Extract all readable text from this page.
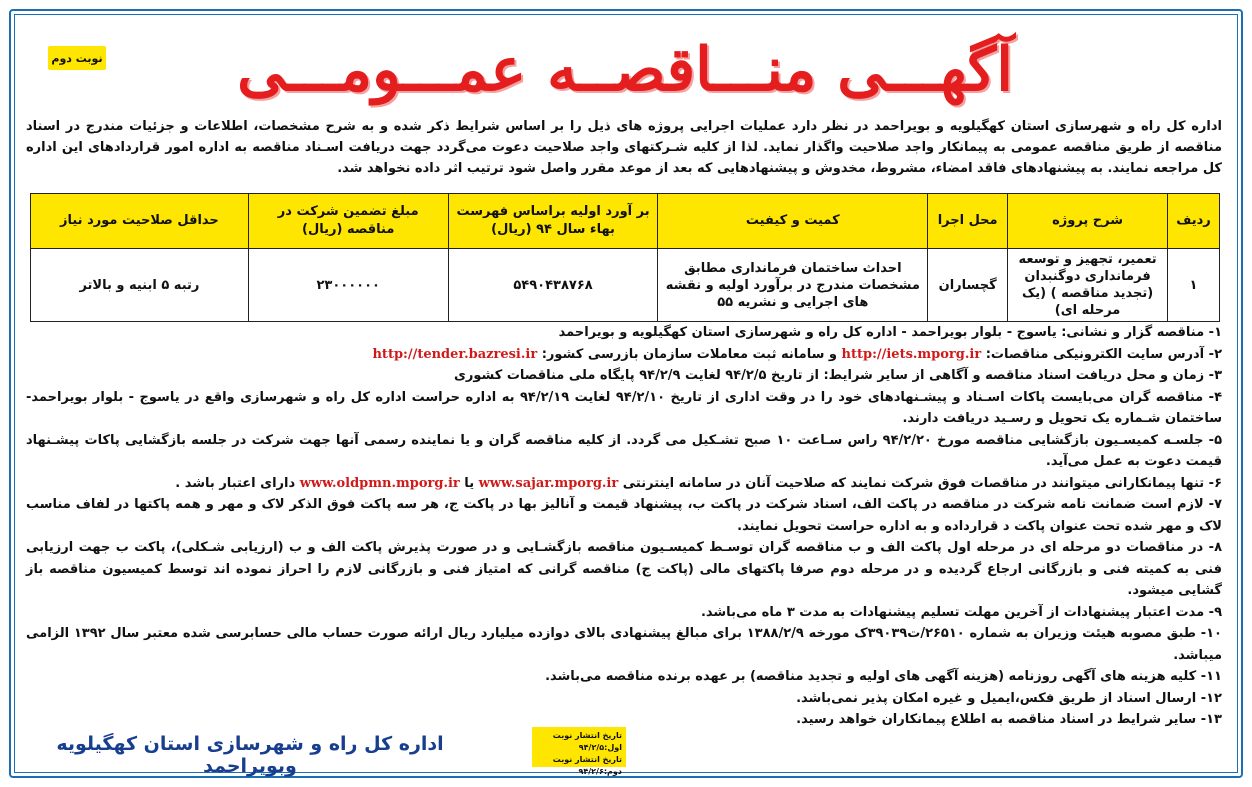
نوبت دوم	آگهـــی منـــاقصــه عمـــومـــی
اداره کل راه و شهرسازی استان کهگیلویه و بویراحمد در نظر دارد عملیات اجرایی پروژه های ذیل را بر اساس شرایط ذکر شده و به شرح مشخصات، اطلاعات و جزئیات مندرج در اسناد مناقصه از طریق مناقصه عمومی به پیمانکار واجد صلاحیت واگذار نماید. لذا از کلیه شـرکتهای واجد صلاحیت دعوت می‌گردد جهت دریافت اسـناد مناقصه به اداره امور قراردادهای این اداره کل مراجعه نمایند. به پیشنهادهای فاقد امضاء، مشروط، مخدوش و پیشنهادهایی که بعد از موعد مقرر واصل شود ترتیب اثر داده نخواهد شد.
ردیف	شرح پروژه	محل اجرا	کمیت و کیفیت	بر آورد اولیه براساس فهرست بهاء سال ۹۴ (ریال)	مبلغ تضمین شرکت در مناقصه (ریال)	حداقل صلاحیت مورد نیاز
۱	تعمیر، تجهیز و توسعه فرمانداری دوگنبدان (تجدید مناقصه ) (یک مرحله ای)	گچساران	احداث ساختمان فرمانداری مطابق مشخصات مندرج در برآورد اولیه و نقشه های اجرایی و نشریه ۵۵	۵۴۹۰۴۳۸۷۶۸	۲۳۰۰۰۰۰۰	رتبه ۵ ابنیه و بالاتر

۱- مناقصه گزار و نشانی: یاسوج - بلوار بویراحمد - اداره کل راه و شهرسازی استان کهگیلویه و بویراحمد

۲- آدرس سایت الکترونیکی مناقصات: http://iets.mporg.ir و سامانه ثبت معاملات سازمان بازرسی کشور: http://tender.bazresi.ir

۳- زمان و محل دریافت اسناد مناقصه و آگاهی از سایر شرایط: از تاریخ ۹۴/۲/۵ لغایت ۹۴/۲/۹ پایگاه ملی مناقصات کشوری

۴- مناقصه گران می‌بایست پاکات اسـناد و پیشـنهادهای خود را در وقت اداری از تاریخ ۹۴/۲/۱۰ لغایت ۹۴/۲/۱۹ به اداره حراست اداره کل راه و شهرسازی واقع در یاسوج - بلوار بویراحمد-ساختمان شـماره یک تحویل و رسـید دریافت دارند.

۵- جلسـه کمیسـیون بازگشایی مناقصه مورخ ۹۴/۲/۲۰ راس سـاعت ۱۰ صبح تشـکیل می گردد. از کلیه مناقصه گران و یا نماینده رسمی آنها جهت شرکت در جلسه بازگشایی پاکات پیشـنهاد قیمت دعوت به عمل می‌آید.

۶- تنها پیمانکارانی میتوانند در مناقصات فوق شرکت نمایند که صلاحیت آنان در سامانه اینترنتی www.sajar.mporg.ir یا www.oldpmn.mporg.ir دارای اعتبار باشد .

۷- لازم است ضمانت نامه شرکت در مناقصه در پاکت الف، اسناد شرکت در پاکت ب، پیشنهاد قیمت و آنالیز بها در پاکت ج، هر سه پاکت فوق الذکر لاک و مهر و همه پاکتها در لفاف مناسب لاک و مهر شده تحت عنوان پاکت د قرارداده و به اداره حراست تحویل نمایند.

۸- در مناقصات دو مرحله ای در مرحله اول پاکت الف و ب مناقصه گران توسـط کمیسـیون مناقصه بازگشـایی و در صورت پذیرش پاکت الف و ب (ارزیابی شـکلی)، پاکت ب جهت ارزیابی فنی به کمیته فنی و بازرگانی ارجاع گردیده و در مرحله دوم صرفا پاکتهای مالی (پاکت ج) مناقصه گرانی که امتیاز فنی و بازرگانی لازم را احراز نموده اند توسط کمیسیون مناقصه باز گشایی میشود.

۹- مدت اعتبار پیشنهادات از آخرین مهلت تسلیم پیشنهادات به مدت ۳ ماه می‌باشد.

۱۰- طبق مصوبه هیئت وزیران به شماره ۲۶۵۱۰/ت۳۹۰۳۹ک مورخه ۱۳۸۸/۲/۹ برای مبالغ پیشنهادی بالای دوازده میلیارد ریال ارائه صورت حساب مالی حسابرسی شده معتبر سال ۱۳۹۲ الزامی میباشد.

۱۱- کلیه هزینه های آگهی روزنامه (هزینه آگهی های اولیه و تجدید مناقصه) بر عهده برنده مناقصه می‌باشد.

۱۲- ارسال اسناد از طریق فکس،ایمیل و غیره امکان پذیر نمی‌باشد.

۱۳- سایر شرایط در اسناد مناقصه به اطلاع پیمانکاران خواهد رسید.

تاریخ انتشار نوبت اول:۹۴/۲/۵
تاریخ انتشار نوبت دوم:۹۴/۲/۶
اداره کل راه و شهرسازی استان کهگیلویه وبویراحمد
